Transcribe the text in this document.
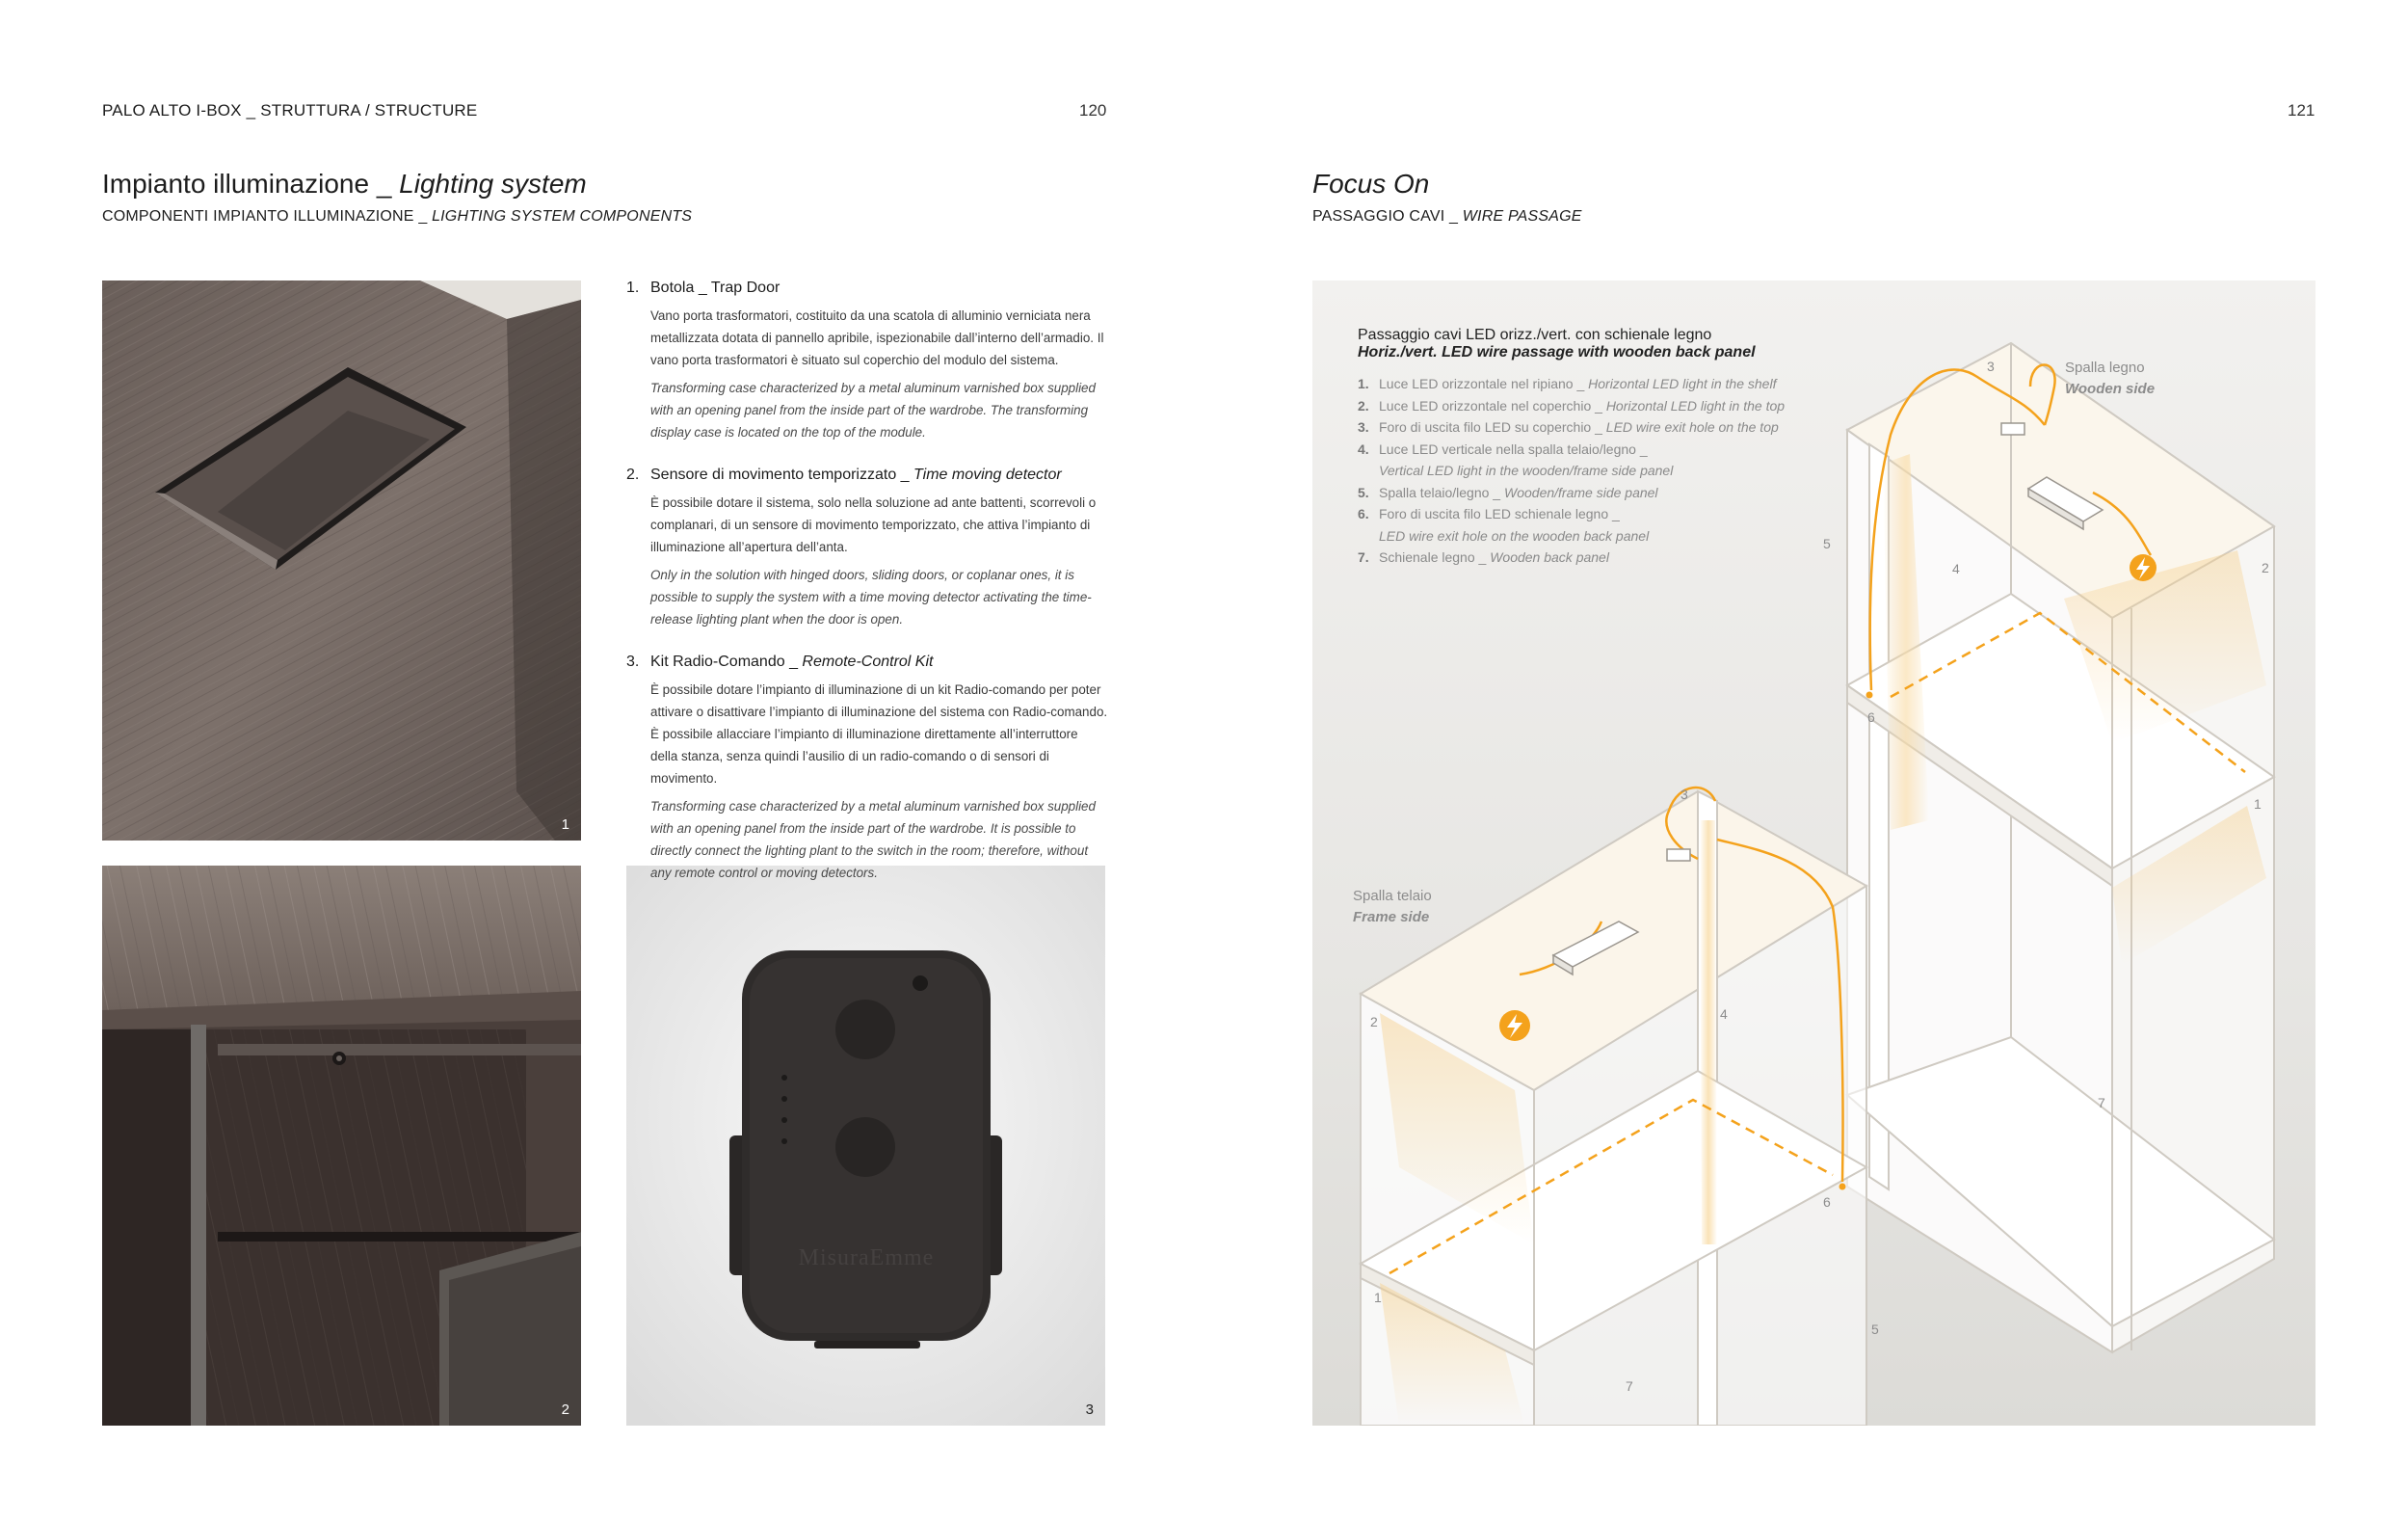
PALO ALTO I-BOX _ STRUTTURA / STRUCTURE	120
Impianto illuminazione _ Lighting system
COMPONENTI IMPIANTO ILLUMINAZIONE _ LIGHTING SYSTEM COMPONENTS
1
2
MisuraEmme
3
1. Botola _ Trap Door

Vano porta trasformatori, costituito da una scatola di alluminio verniciata nera metallizzata dotata di pannello apribile, ispezionabile dall’interno dell’armadio. Il vano porta trasformatori è situato sul coperchio del modulo del sistema.

Transforming case characterized by a metal aluminum varnished box supplied with an opening panel from the inside part of the wardrobe. The transforming display case is located on the top of the module.

2. Sensore di movimento temporizzato _ Time moving detector

È possibile dotare il sistema, solo nella soluzione ad ante battenti, scorrevoli o complanari, di un sensore di movimento temporizzato, che attiva l’impianto di illuminazione all’apertura dell’anta.

Only in the solution with hinged doors, sliding doors, or coplanar ones, it is possible to supply the system with a time moving detector activating the time-release lighting plant when the door is open.

3. Kit Radio-Comando _ Remote-Control Kit

È possibile dotare l’impianto di illuminazione di un kit Radio-comando per poter attivare o disattivare l’impianto di illuminazione del sistema con Radio-comando. È possibile allacciare l’impianto di illuminazione direttamente all’interruttore della stanza, senza quindi l’ausilio di un radio-comando o di sensori di movimento.

Transforming case characterized by a metal aluminum varnished box supplied with an opening panel from the inside part of the wardrobe. It is possible to directly connect the lighting plant to the switch in the room; therefore, without any remote control or moving detectors.

121
Focus On
PASSAGGIO CAVI _ WIRE PASSAGE
3
5
4	2
6
1
7
3
2	4
6
1
5
7
Passaggio cavi LED orizz./vert. con schienale legno
Horiz./vert. LED wire passage with wooden back panel
1. Luce LED orizzontale nel ripiano _ Horizontal LED light in the shelf
2. Luce LED orizzontale nel coperchio _ Horizontal LED light in the top
3. Foro di uscita filo LED su coperchio _ LED wire exit hole on the top
4. Luce LED verticale nella spalla telaio/legno _
Vertical LED light in the wooden/frame side panel
5. Spalla telaio/legno _ Wooden/frame side panel
6. Foro di uscita filo LED schienale legno _
LED wire exit hole on the wooden back panel
7. Schienale legno _ Wooden back panel
Spalla legno
Wooden side
Spalla telaio
Frame side
